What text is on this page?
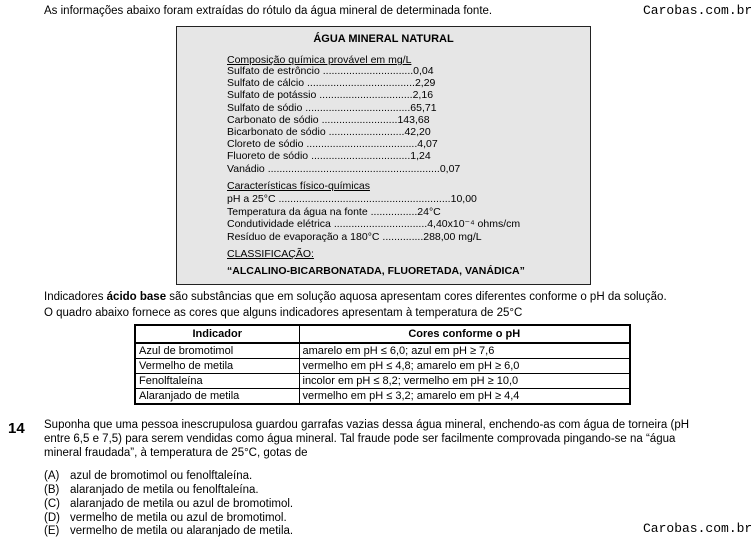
As informações abaixo foram extraídas do rótulo da água mineral de determinada fonte.	Carobas.com.br
ÁGUA MINERAL NATURAL
Composição química provável em mg/L
Sulfato de estrôncio ...............................0,04
Sulfato de cálcio .....................................2,29
Sulfato de potássio ................................2,16
Sulfato de sódio ....................................65,71
Carbonato de sódio ..........................143,68
Bicarbonato de sódio ..........................42,20
Cloreto de sódio ......................................4,07
Fluoreto de sódio ..................................1,24
Vanádio ...........................................................0,07
Características físico-químicas
pH a 25°C ...........................................................10,00
Temperatura da água na fonte ................24°C
Condutividade elétrica ................................4,40x10⁻⁴ ohms/cm
Resíduo de evaporação a 180°C ..............288,00 mg/L
CLASSIFICAÇÃO:
“ALCALINO-BICARBONATADA, FLUORETADA, VANÁDICA”
Indicadores ácido base são substâncias que em solução aquosa apresentam cores diferentes conforme o pH da solução.
O quadro abaixo fornece as cores que alguns indicadores apresentam à temperatura de 25°C
Indicador	Cores conforme o pH
Azul de bromotimol	amarelo em pH ≤ 6,0; azul em pH ≥ 7,6
Vermelho de metila	vermelho em pH ≤ 4,8; amarelo em pH ≥ 6,0
Fenolftaleína	incolor em pH ≤ 8,2; vermelho em pH ≥ 10,0
Alaranjado de metila	vermelho em pH ≤ 3,2; amarelo em pH ≥ 4,4
14 Suponha que uma pessoa inescrupulosa guardou garrafas vazias dessa água mineral, enchendo-as com água de torneira (pH
entre 6,5 e 7,5) para serem vendidas como água mineral. Tal fraude pode ser facilmente comprovada pingando-se na “água
mineral fraudada”, à temperatura de 25°C, gotas de
(A) azul de bromotimol ou fenolftaleína.
(B) alaranjado de metila ou fenolftaleína.
(C) alaranjado de metila ou azul de bromotimol.
(D) vermelho de metila ou azul de bromotimol.
(E) vermelho de metila ou alaranjado de metila.	Carobas.com.br
